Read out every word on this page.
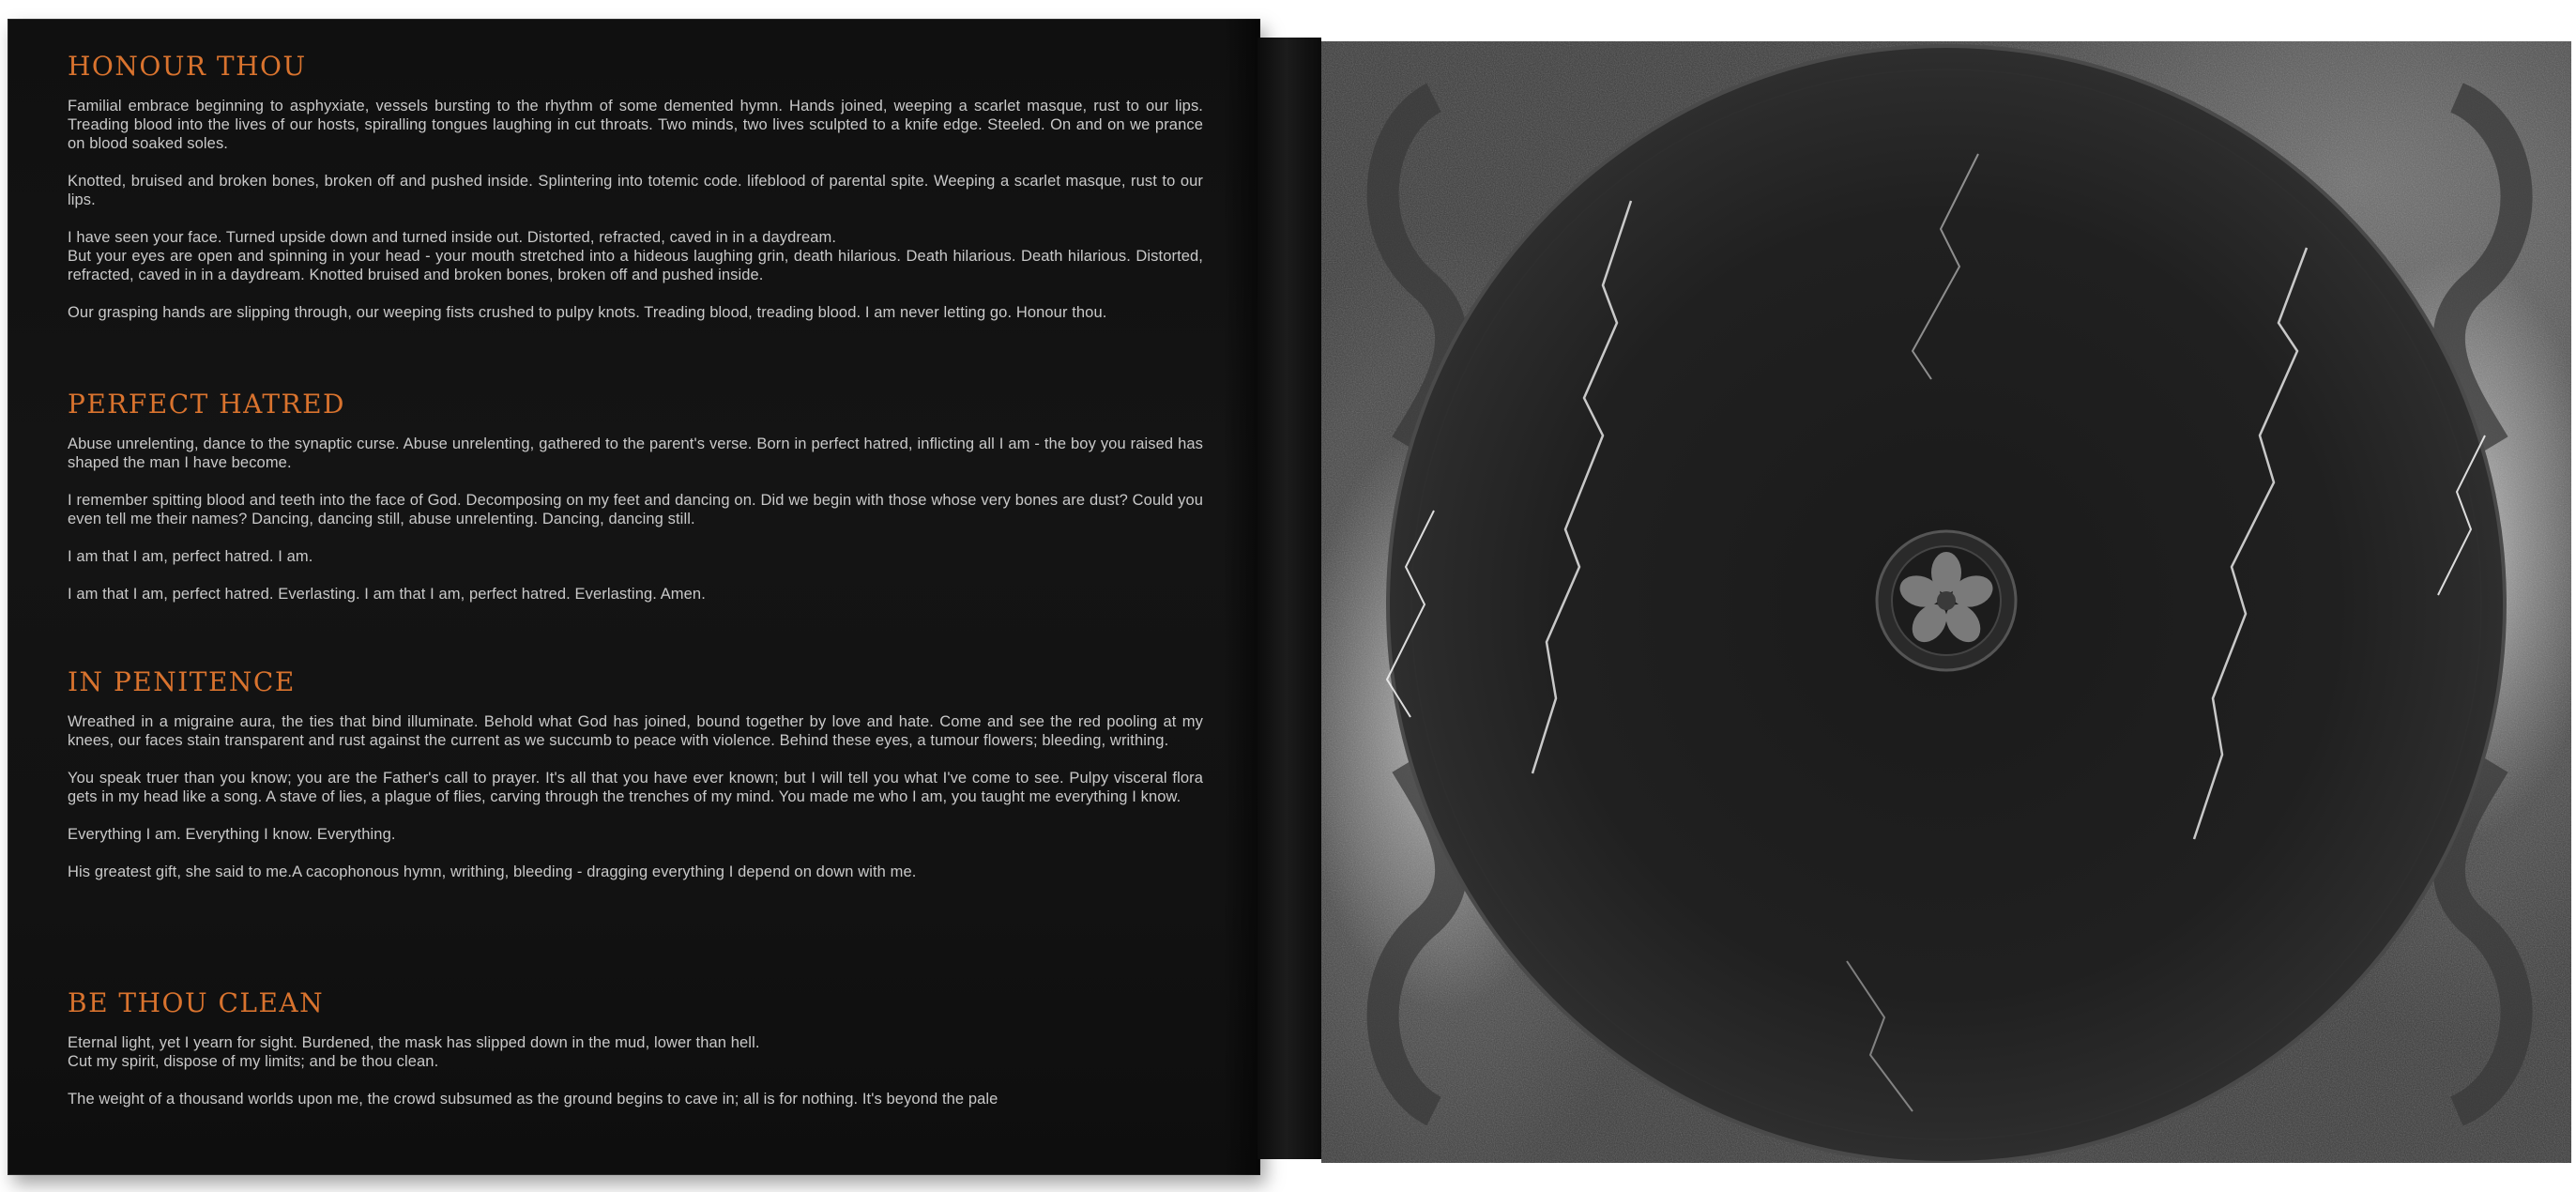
HONOUR THOU

Familial embrace beginning to asphyxiate, vessels bursting to the rhythm of some demented hymn. Hands joined, weeping a scarlet masque, rust to our lips. Treading blood into the lives of our hosts, spiralling tongues laughing in cut throats. Two minds, two lives sculpted to a knife edge. Steeled. On and on we prance on blood soaked soles.

Knotted, bruised and broken bones, broken off and pushed inside. Splintering into totemic code. lifeblood of parental spite. Weeping a scarlet masque, rust to our lips.

I have seen your face. Turned upside down and turned inside out. Distorted, refracted, caved in in a daydream.
But your eyes are open and spinning in your head - your mouth stretched into a hideous laughing grin, death hilarious. Death hilarious. Death hilarious. Distorted, refracted, caved in in a daydream. Knotted bruised and broken bones, broken off and pushed inside.

Our grasping hands are slipping through, our weeping fists crushed to pulpy knots. Treading blood, treading blood. I am never letting go. Honour thou.

PERFECT HATRED

Abuse unrelenting, dance to the synaptic curse. Abuse unrelenting, gathered to the parent's verse. Born in perfect hatred, inflicting all I am - the boy you raised has shaped the man I have become.

I remember spitting blood and teeth into the face of God. Decomposing on my feet and dancing on. Did we begin with those whose very bones are dust? Could you even tell me their names? Dancing, dancing still, abuse unrelenting. Dancing, dancing still.

I am that I am, perfect hatred. I am.

I am that I am, perfect hatred. Everlasting. I am that I am, perfect hatred. Everlasting. Amen.

IN PENITENCE

Wreathed in a migraine aura, the ties that bind illuminate. Behold what God has joined, bound together by love and hate. Come and see the red pooling at my knees, our faces stain transparent and rust against the current as we succumb to peace with violence. Behind these eyes, a tumour flowers; bleeding, writhing.

You speak truer than you know; you are the Father's call to prayer. It's all that you have ever known; but I will tell you what I've come to see. Pulpy visceral flora gets in my head like a song. A stave of lies, a plague of flies, carving through the trenches of my mind. You made me who I am, you taught me everything I know.

Everything I am. Everything I know. Everything.

His greatest gift, she said to me.A cacophonous hymn, writhing, bleeding - dragging everything I depend on down with me.

BE THOU CLEAN

Eternal light, yet I yearn for sight. Burdened, the mask has slipped down in the mud, lower than hell.
Cut my spirit, dispose of my limits; and be thou clean.

The weight of a thousand worlds upon me, the crowd subsumed as the ground begins to cave in; all is for nothing. It's beyond the pale
